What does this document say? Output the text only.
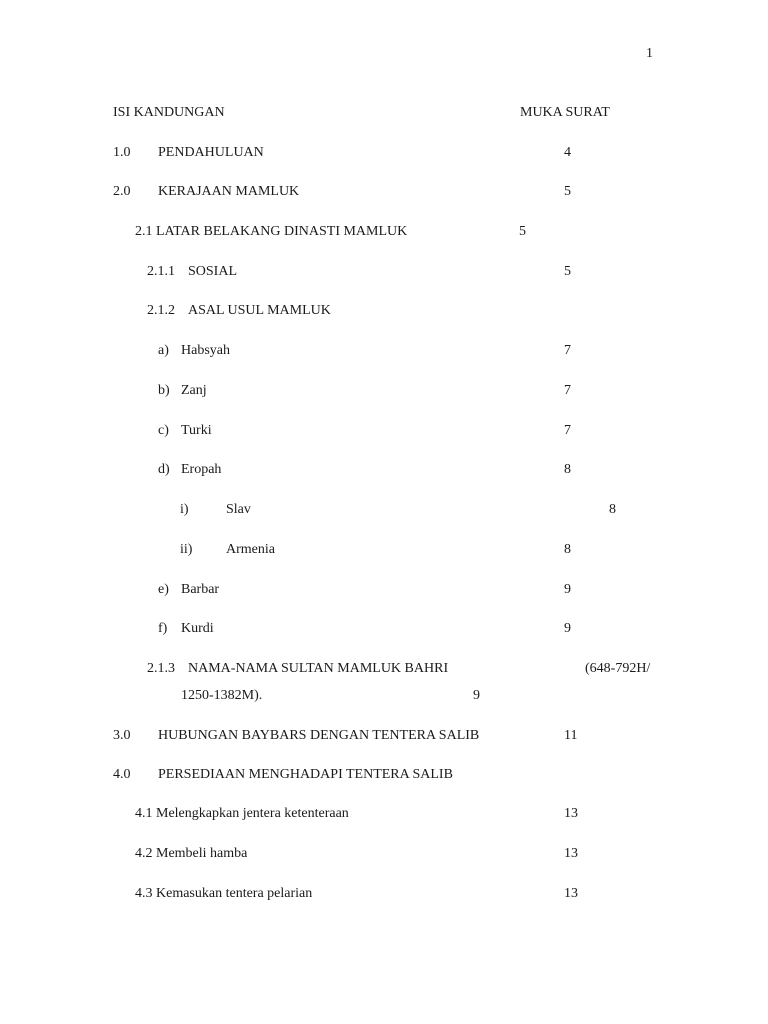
1
ISI KANDUNGAN	MUKA SURAT
1.0 PENDAHULUAN	4
2.0 KERAJAAN MAMLUK	5
2.1 LATAR BELAKANG DINASTI MAMLUK	5
2.1.1 SOSIAL	5
2.1.2 ASAL USUL MAMLUK
a) Habsyah	7
b) Zanj	7
c) Turki	7
d) Eropah	8
i)	Slav	8
ii) Armenia	8
e) Barbar	9
f) Kurdi	9
2.1.3 NAMA-NAMA SULTAN MAMLUK BAHRI	(648-792H/
1250-1382M).	9
3.0 HUBUNGAN BAYBARS DENGAN TENTERA SALIB	11
4.0 PERSEDIAAN MENGHADAPI TENTERA SALIB
4.1 Melengkapkan jentera ketenteraan	13
4.2 Membeli hamba	13
4.3 Kemasukan tentera pelarian	13
